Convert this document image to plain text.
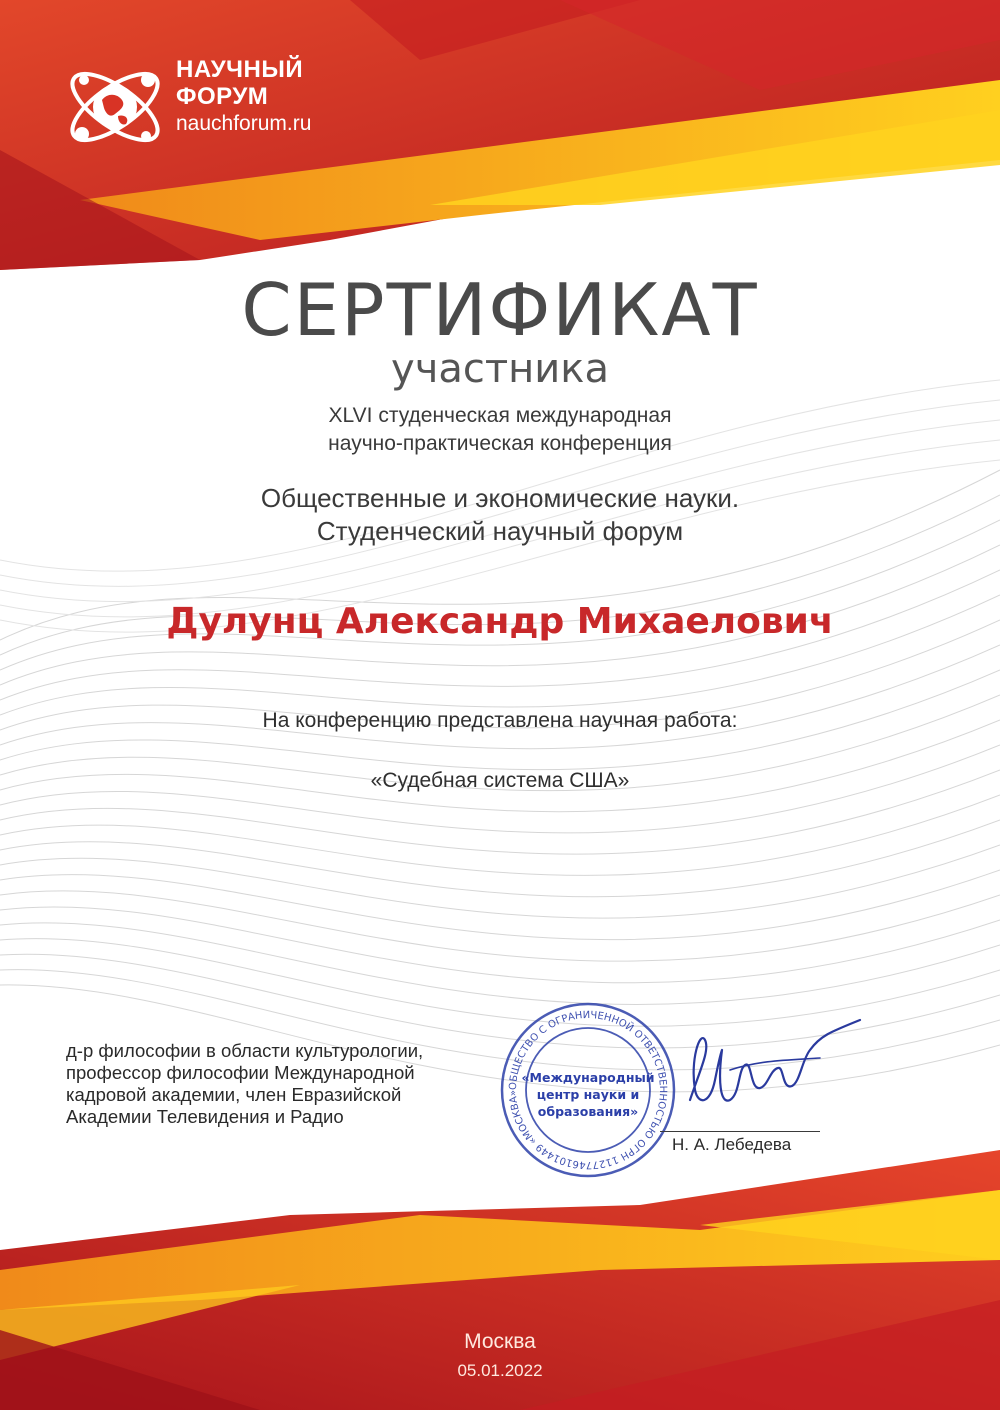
НАУЧНЫЙ
ФОРУМ
nauchforum.ru
СЕРТИФИКАТ
участника
XLVI студенческая международная
научно-практическая конференция
Общественные и экономические науки.
Студенческий научный форум
Дулунц Александр Михаелович
На конференцию представлена научная работа:
«Судебная система США»
д-р философии в области культурологии,
профессор философии Международной
кадровой академии, член Евразийской
Академии Телевидения и Радио
ОБЩЕСТВО С ОГРАНИЧЕННОЙ ОТВЕТСТВЕННОСТЬЮ ОГРН 1127746101449 «МОСКВА»
«Международный
центр науки и
образования»
Н. А. Лебедева
Москва
05.01.2022
